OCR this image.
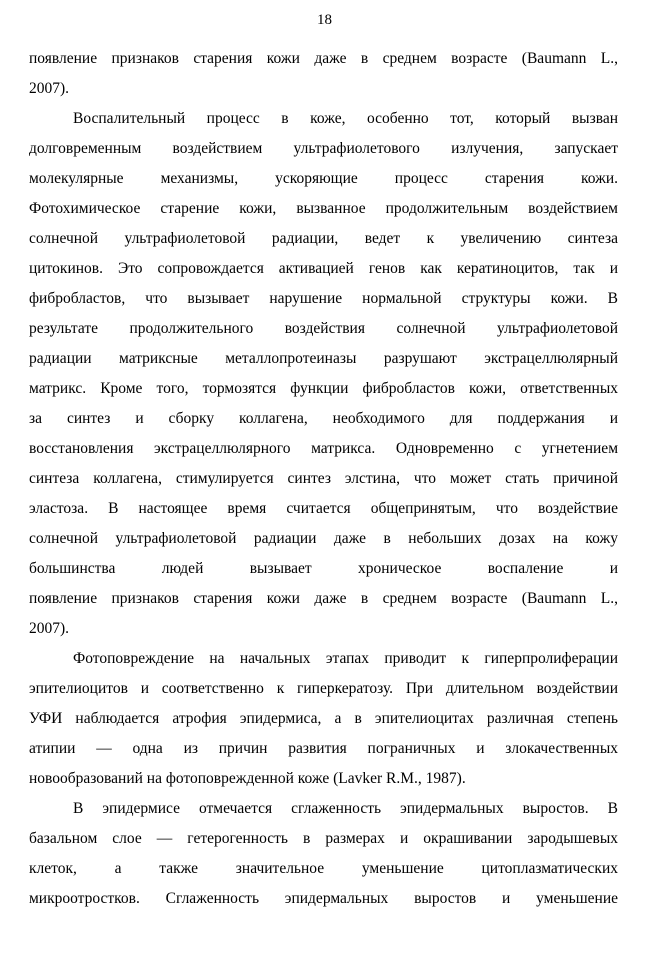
18
появление признаков старения кожи даже в среднем возрасте (Baumann L.,
2007).
Воспалительный процесс в коже, особенно тот, который вызван
долговременным воздействием ультрафиолетового излучения, запускает
молекулярные механизмы, ускоряющие процесс старения кожи.
Фотохимическое старение кожи, вызванное продолжительным воздействием
солнечной ультрафиолетовой радиации, ведет к увеличению синтеза
цитокинов. Это сопровождается активацией генов как кератиноцитов, так и
фибробластов, что вызывает нарушение нормальной структуры кожи. В
результате продолжительного воздействия солнечной ультрафиолетовой
радиации матриксные металлопротеиназы разрушают экстрацеллюлярный
матрикс. Кроме того, тормозятся функции фибробластов кожи, ответственных
за синтез и сборку коллагена, необходимого для поддержания и
восстановления экстрацеллюлярного матрикса. Одновременно с угнетением
синтеза коллагена, стимулируется синтез элстина, что может стать причиной
эластоза. В настоящее время считается общепринятым, что воздействие
солнечной ультрафиолетовой радиации даже в небольших дозах на кожу
большинства людей вызывает хроническое воспаление и
появление признаков старения кожи даже в среднем возрасте (Baumann L.,
2007).
Фотоповреждение на начальных этапах приводит к гиперпролиферации
эпителиоцитов и соответственно к гиперкератозу. При длительном воздействии
УФИ наблюдается атрофия эпидермиса, а в эпителиоцитах различная степень
атипии — одна из причин развития пограничных и злокачественных
новообразований на фотоповрежденной коже (Lavker R.M., 1987).
В эпидермисе отмечается сглаженность эпидермальных выростов. В
базальном слое — гетерогенность в размерах и окрашивании зародышевых
клеток, а также значительное уменьшение цитоплазматических
микроотростков. Сглаженность эпидермальных выростов и уменьшение
